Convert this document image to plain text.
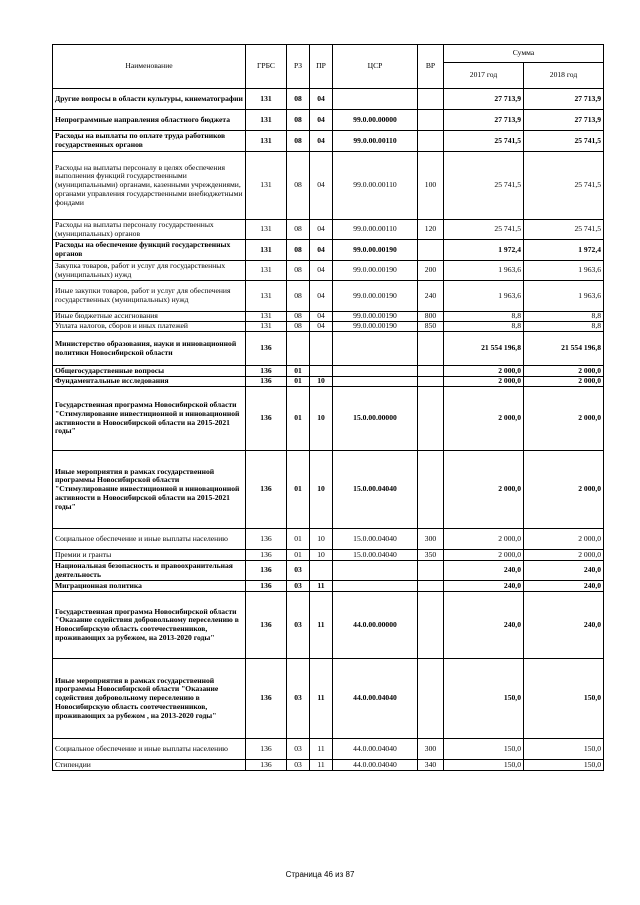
Наименование	ГРБС	РЗ	ПР	ЦСР	ВР	Сумма	
						2017 год	2018 год
Другие вопросы в области культуры, кинематографии	131	08	04			27 713,9	27 713,9
Непрограммные направления областного бюджета	131	08	04	99.0.00.00000		27 713,9	27 713,9
Расходы на выплаты по оплате труда работников государственных органов	131	08	04	99.0.00.00110		25 741,5	25 741,5
Расходы на выплаты персоналу в целях обеспечения выполнения функций государственными (муниципальными) органами, казенными учреждениями, органами управления государственными внебюджетными фондами	131	08	04	99.0.00.00110	100	25 741,5	25 741,5
Расходы на выплаты персоналу государственных (муниципальных) органов	131	08	04	99.0.00.00110	120	25 741,5	25 741,5
Расходы на обеспечение функций государственных органов	131	08	04	99.0.00.00190		1 972,4	1 972,4
Закупка товаров, работ и услуг для государственных (муниципальных) нужд	131	08	04	99.0.00.00190	200	1 963,6	1 963,6
Иные закупки товаров, работ и услуг для обеспечения государственных (муниципальных) нужд	131	08	04	99.0.00.00190	240	1 963,6	1 963,6
Иные бюджетные ассигнования	131	08	04	99.0.00.00190	800	8,8	8,8
Уплата налогов, сборов и иных платежей	131	08	04	99.0.00.00190	850	8,8	8,8
Министерство образования, науки и инновационной политики Новосибирской области	136					21 554 196,8	21 554 196,8
Общегосударственные вопросы	136	01				2 000,0	2 000,0
Фундаментальные исследования	136	01	10			2 000,0	2 000,0
Государственная программа Новосибирской области "Стимулирование инвестиционной и инновационной активности в Новосибирской области на 2015-2021 годы"	136	01	10	15.0.00.00000		2 000,0	2 000,0
Иные мероприятия в рамках государственной программы Новосибирской области "Стимулирование инвестиционной и инновационной активности в Новосибирской области на 2015-2021 годы"	136	01	10	15.0.00.04040		2 000,0	2 000,0
Социальное обеспечение и иные выплаты населению	136	01	10	15.0.00.04040	300	2 000,0	2 000,0
Премии и гранты	136	01	10	15.0.00.04040	350	2 000,0	2 000,0
Национальная безопасность и правоохранительная деятельность	136	03				240,0	240,0
Миграционная политика	136	03	11			240,0	240,0
Государственная программа Новосибирской области "Оказание содействия добровольному переселению в Новосибирскую область соотечественников, проживающих за рубежом, на 2013-2020 годы"	136	03	11	44.0.00.00000		240,0	240,0
Иные мероприятия в рамках государственной программы Новосибирской области "Оказание содействия добровольному переселению в Новосибирскую область соотечественников, проживающих за рубежом , на 2013-2020 годы"	136	03	11	44.0.00.04040		150,0	150,0
Социальное обеспечение и иные выплаты населению	136	03	11	44.0.00.04040	300	150,0	150,0
Стипендии	136	03	11	44.0.00.04040	340	150,0	150,0
Страница 46 из 87
